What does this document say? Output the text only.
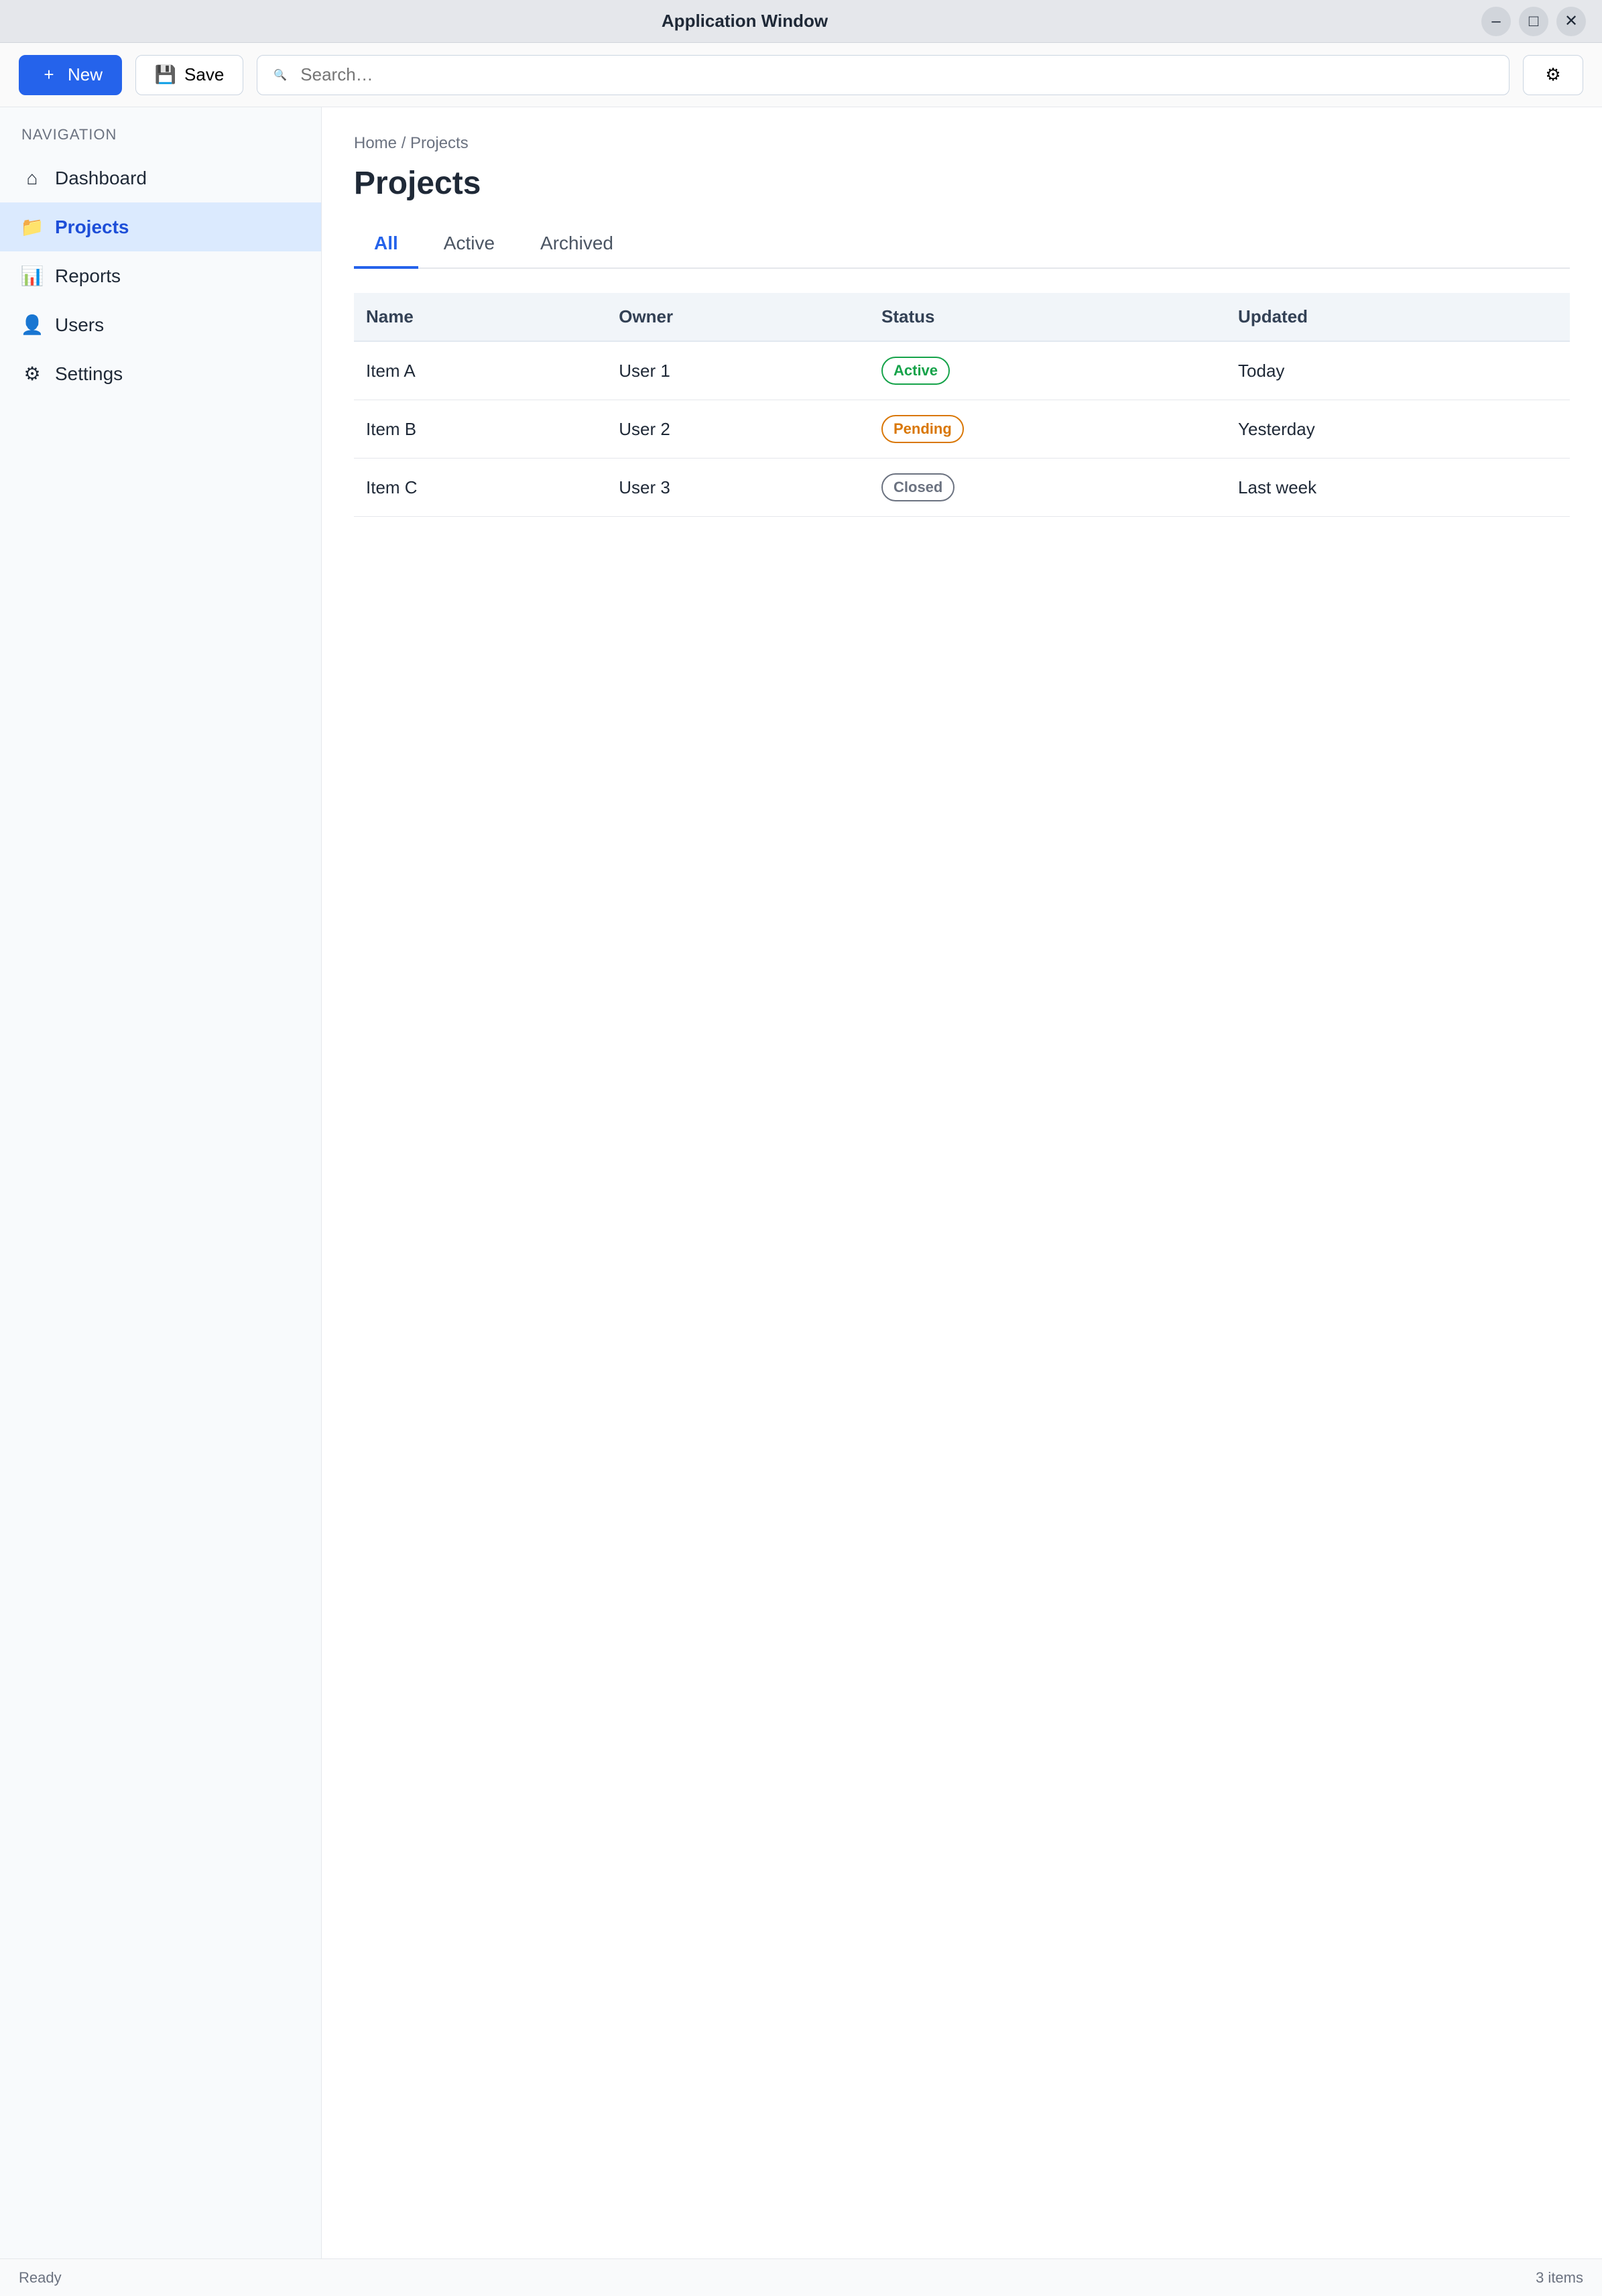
Application Window	–	□	✕
+ New	💾 Save	🔍
Search…	⚙
NAVIGATION
⌂ Dashboard
📁 Projects
📊 Reports
👤 Users
⚙ Settings
Home / Projects
Projects
All	Active	Archived
Name	Owner	Status	Updated
Item A	User 1	Active	Today
Item B	User 2	Pending	Yesterday
Item C	User 3	Closed	Last week
Ready	3 items
